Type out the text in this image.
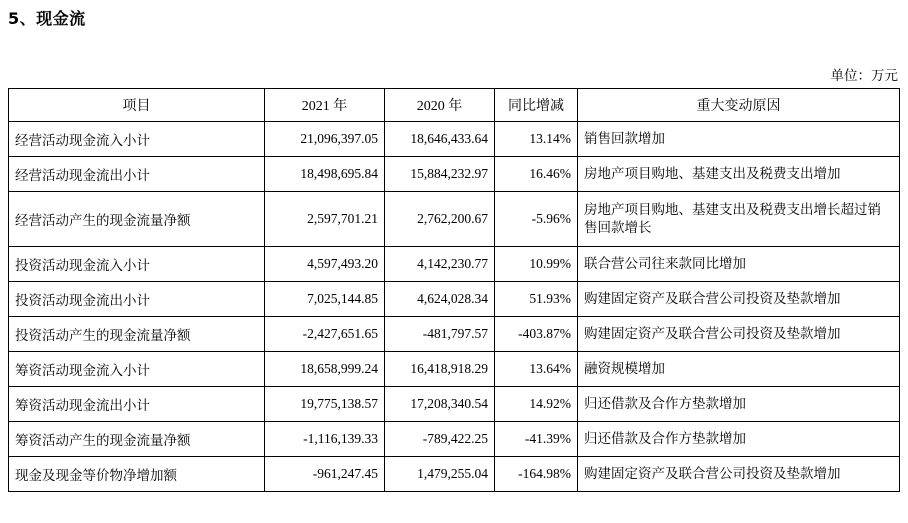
5、现金流
单位：万元
项目	2021 年	2020 年	同比增减	重大变动原因
经营活动现金流入小计	21,096,397.05	18,646,433.64	13.14%	销售回款增加
经营活动现金流出小计	18,498,695.84	15,884,232.97	16.46%	房地产项目购地、基建支出及税费支出增加
经营活动产生的现金流量净额	2,597,701.21	2,762,200.67	-5.96%	房地产项目购地、基建支出及税费支出增长超过销售回款增长
投资活动现金流入小计	4,597,493.20	4,142,230.77	10.99%	联合营公司往来款同比增加
投资活动现金流出小计	7,025,144.85	4,624,028.34	51.93%	购建固定资产及联合营公司投资及垫款增加
投资活动产生的现金流量净额	-2,427,651.65	-481,797.57	-403.87%	购建固定资产及联合营公司投资及垫款增加
筹资活动现金流入小计	18,658,999.24	16,418,918.29	13.64%	融资规模增加
筹资活动现金流出小计	19,775,138.57	17,208,340.54	14.92%	归还借款及合作方垫款增加
筹资活动产生的现金流量净额	-1,116,139.33	-789,422.25	-41.39%	归还借款及合作方垫款增加
现金及现金等价物净增加额	-961,247.45	1,479,255.04	-164.98%	购建固定资产及联合营公司投资及垫款增加
